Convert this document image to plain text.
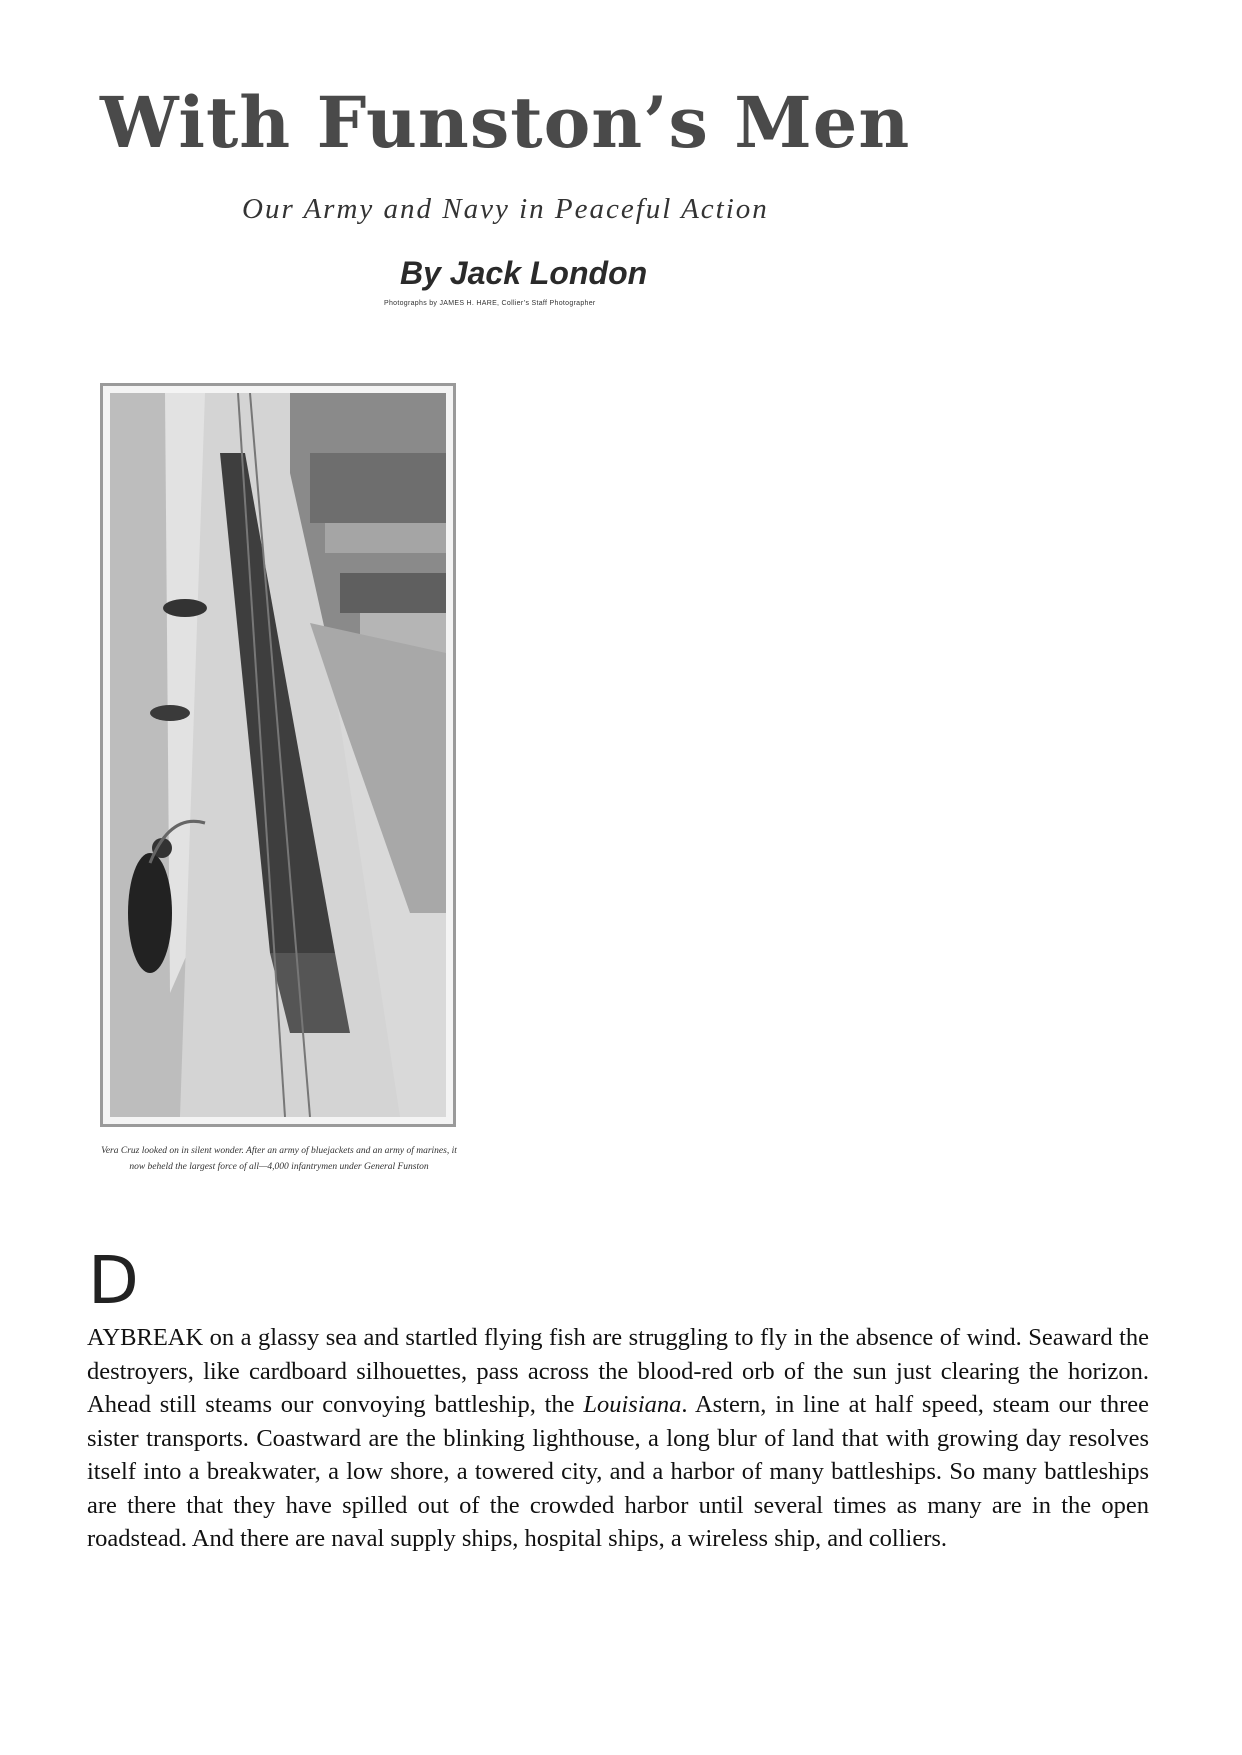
With Funston’s Men
Our Army and Navy in Peaceful Action
By Jack London
Photographs by JAMES H. HARE, Collier’s Staff Photographer
Vera Cruz looked on in silent wonder. After an army of bluejackets and an army of marines, it now beheld the largest force of all—4,000 infantrymen under General Funston
D
AYBREAK on a glassy sea and startled flying fish are struggling to fly in the absence of wind. Seaward the destroyers, like cardboard silhouettes, pass across the blood-red orb of the sun just clearing the horizon. Ahead still steams our convoying battleship, the Louisiana. Astern, in line at half speed, steam our three sister transports. Coastward are the blinking lighthouse, a long blur of land that with growing day resolves itself into a breakwater, a low shore, a towered city, and a harbor of many battleships. So many battleships are there that they have spilled out of the crowded harbor until several times as many are in the open roadstead. And there are naval supply ships, hospital ships, a wireless ship, and colliers.
